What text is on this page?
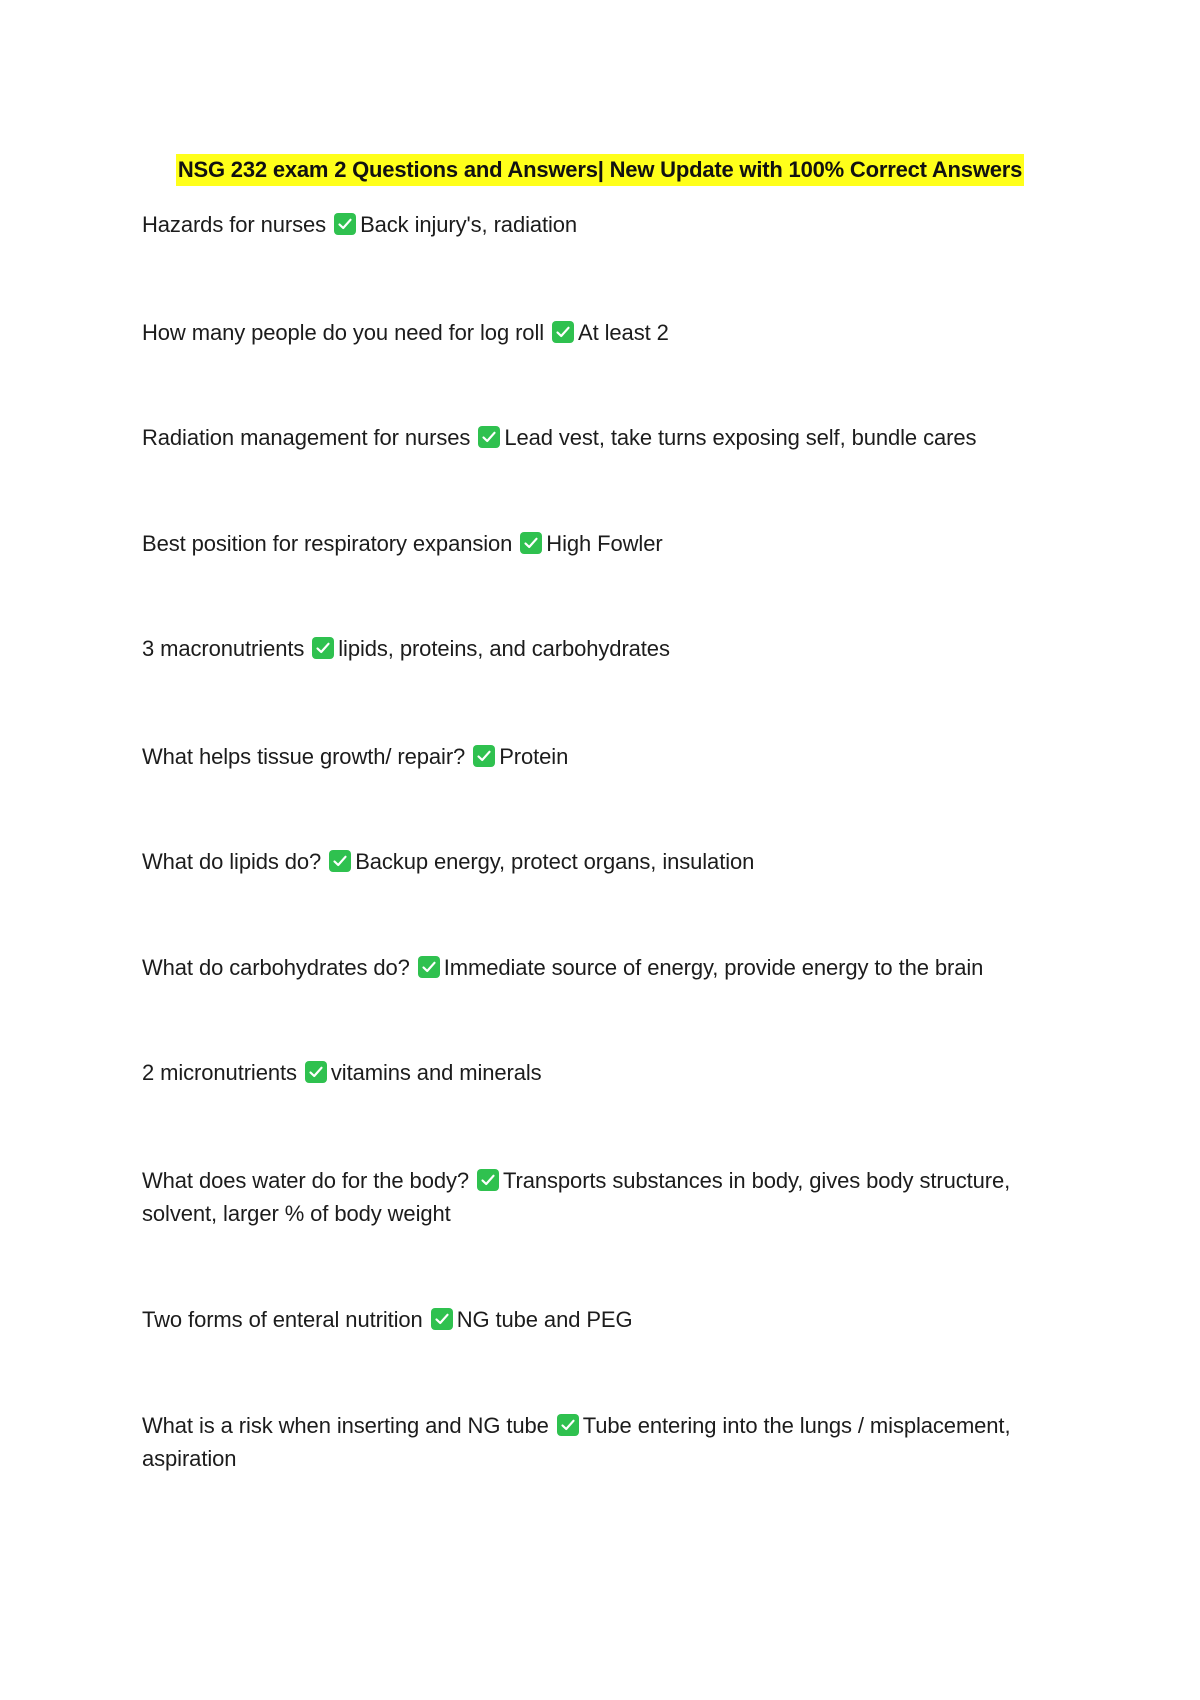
NSG 232 exam 2 Questions and Answers| New Update with 100% Correct Answers
Hazards for nurses Back injury's, radiation
How many people do you need for log roll At least 2
Radiation management for nurses Lead vest, take turns exposing self, bundle cares
Best position for respiratory expansion High Fowler
3 macronutrients lipids, proteins, and carbohydrates
What helps tissue growth/ repair? Protein
What do lipids do? Backup energy, protect organs, insulation
What do carbohydrates do? Immediate source of energy, provide energy to the brain
2 micronutrients vitamins and minerals
What does water do for the body? Transports substances in body, gives body structure, solvent, larger % of body weight
Two forms of enteral nutrition NG tube and PEG
What is a risk when inserting and NG tube Tube entering into the lungs / misplacement, aspiration
